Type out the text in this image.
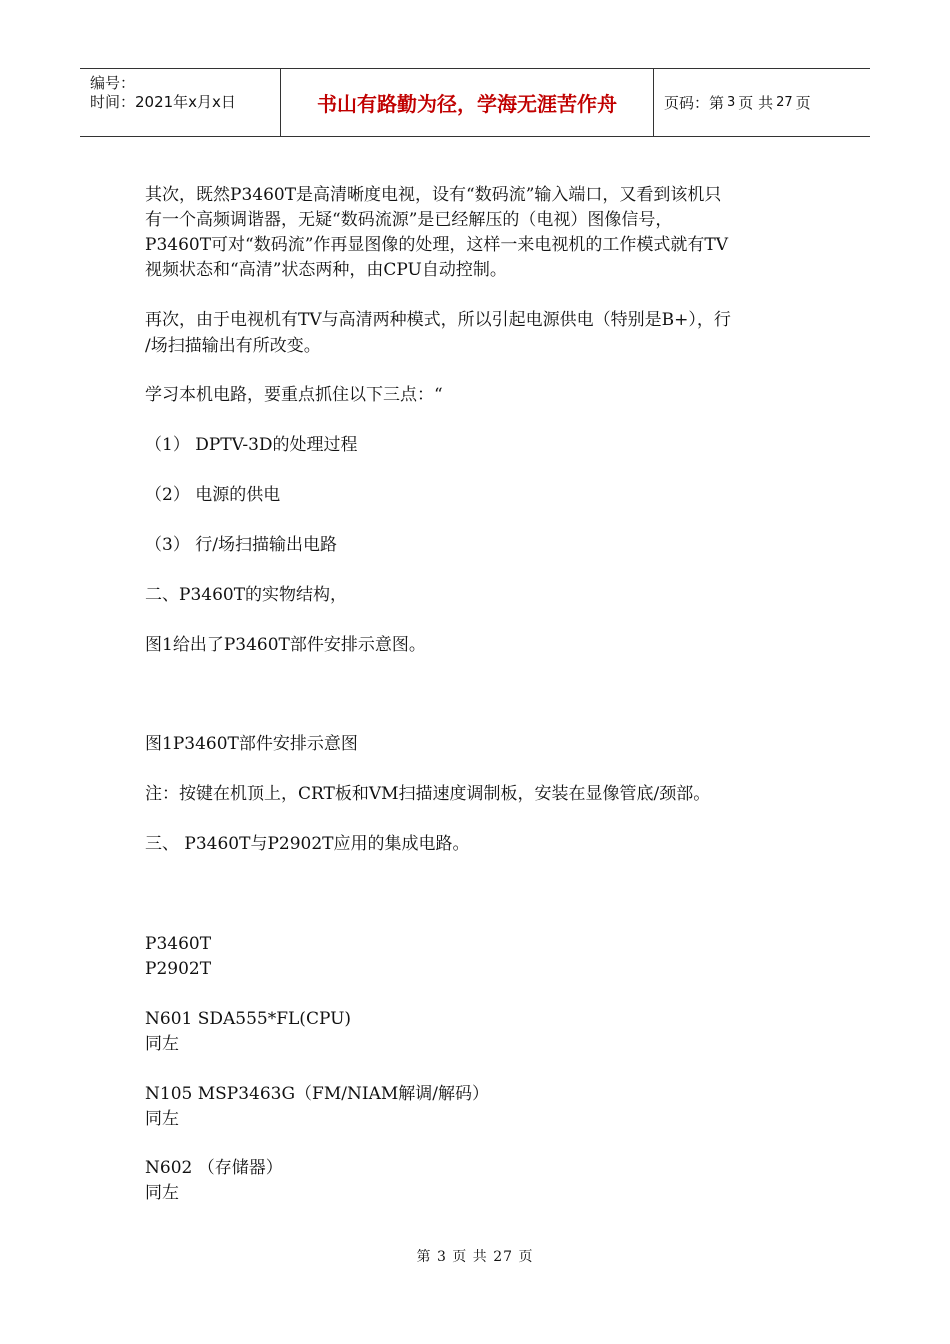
编号：
时间：2021年x月x日	书山有路勤为径，学海无涯苦作舟	页码：第 3 页 共 27 页
其次，既然P3460T是高清晰度电视，设有“数码流”输入端口，又看到该机只
有一个高频调谐器，无疑“数码流源”是已经解压的（电视）图像信号，
P3460T可对“数码流”作再显图像的处理，这样一来电视机的工作模式就有TV
视频状态和“高清”状态两种，由CPU自动控制。
再次，由于电视机有TV与高清两种模式，所以引起电源供电（特别是B+），行
/场扫描输出有所改变。
学习本机电路，要重点抓住以下三点：“
（1） DPTV-3D的处理过程
（2） 电源的供电
（3） 行/场扫描输出电路
二、P3460T的实物结构，
图1给出了P3460T部件安排示意图。
图1P3460T部件安排示意图
注：按键在机顶上，CRT板和VM扫描速度调制板，安装在显像管底/颈部。
三、 P3460T与P2902T应用的集成电路。
P3460T
P2902T
N601 SDA555*FL(CPU)
同左
N105 MSP3463G（FM/NIAM解调/解码）
同左
N602 （存储器）
同左
第 3 页 共 27 页
